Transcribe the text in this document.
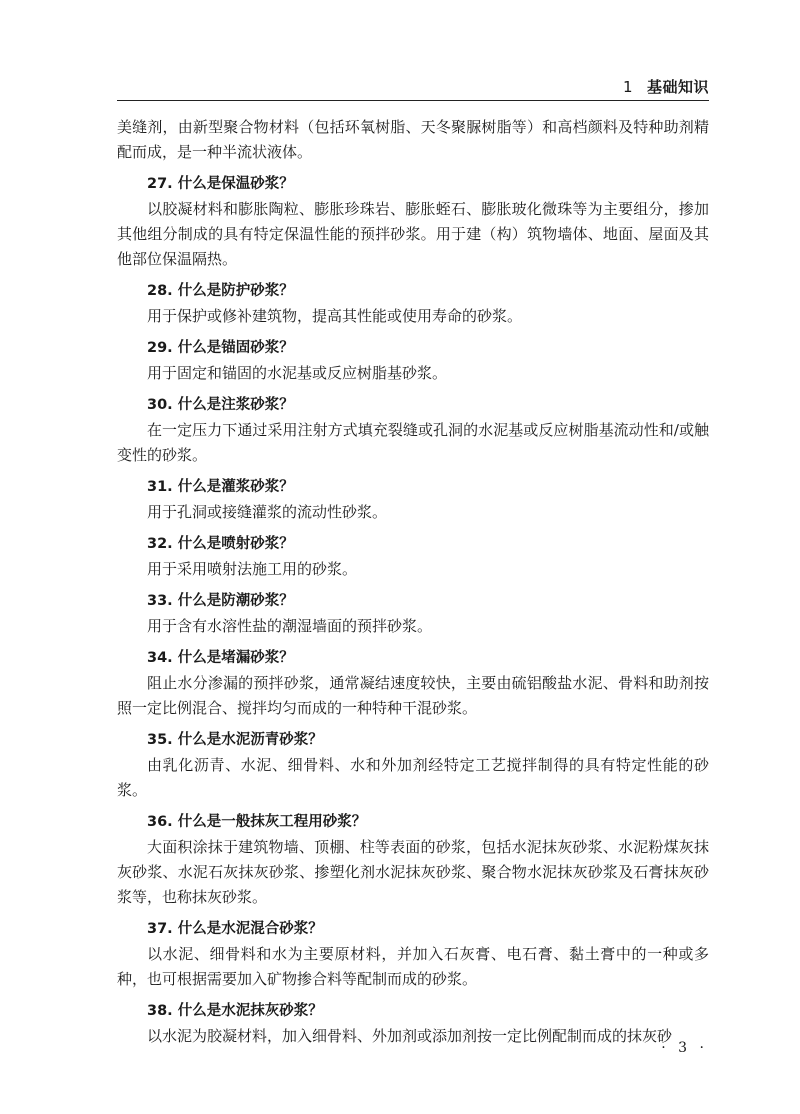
1 基础知识

美缝剂，由新型聚合物材料（包括环氧树脂、天冬聚脲树脂等）和高档颜料及特种助剂精配而成，是一种半流状液体。

27. 什么是保温砂浆？

以胶凝材料和膨胀陶粒、膨胀珍珠岩、膨胀蛭石、膨胀玻化微珠等为主要组分，掺加其他组分制成的具有特定保温性能的预拌砂浆。用于建（构）筑物墙体、地面、屋面及其他部位保温隔热。

28. 什么是防护砂浆？

用于保护或修补建筑物，提高其性能或使用寿命的砂浆。

29. 什么是锚固砂浆？

用于固定和锚固的水泥基或反应树脂基砂浆。

30. 什么是注浆砂浆？

在一定压力下通过采用注射方式填充裂缝或孔洞的水泥基或反应树脂基流动性和/或触变性的砂浆。

31. 什么是灌浆砂浆？

用于孔洞或接缝灌浆的流动性砂浆。

32. 什么是喷射砂浆？

用于采用喷射法施工用的砂浆。

33. 什么是防潮砂浆？

用于含有水溶性盐的潮湿墙面的预拌砂浆。

34. 什么是堵漏砂浆？

阻止水分渗漏的预拌砂浆，通常凝结速度较快，主要由硫铝酸盐水泥、骨料和助剂按照一定比例混合、搅拌均匀而成的一种特种干混砂浆。

35. 什么是水泥沥青砂浆？

由乳化沥青、水泥、细骨料、水和外加剂经特定工艺搅拌制得的具有特定性能的砂浆。

36. 什么是一般抹灰工程用砂浆？

大面积涂抹于建筑物墙、顶棚、柱等表面的砂浆，包括水泥抹灰砂浆、水泥粉煤灰抹灰砂浆、水泥石灰抹灰砂浆、掺塑化剂水泥抹灰砂浆、聚合物水泥抹灰砂浆及石膏抹灰砂浆等，也称抹灰砂浆。

37. 什么是水泥混合砂浆？

以水泥、细骨料和水为主要原材料，并加入石灰膏、电石膏、黏土膏中的一种或多种，也可根据需要加入矿物掺合料等配制而成的砂浆。

38. 什么是水泥抹灰砂浆？

以水泥为胶凝材料，加入细骨料、外加剂或添加剂按一定比例配制而成的抹灰砂

· 3 ·
